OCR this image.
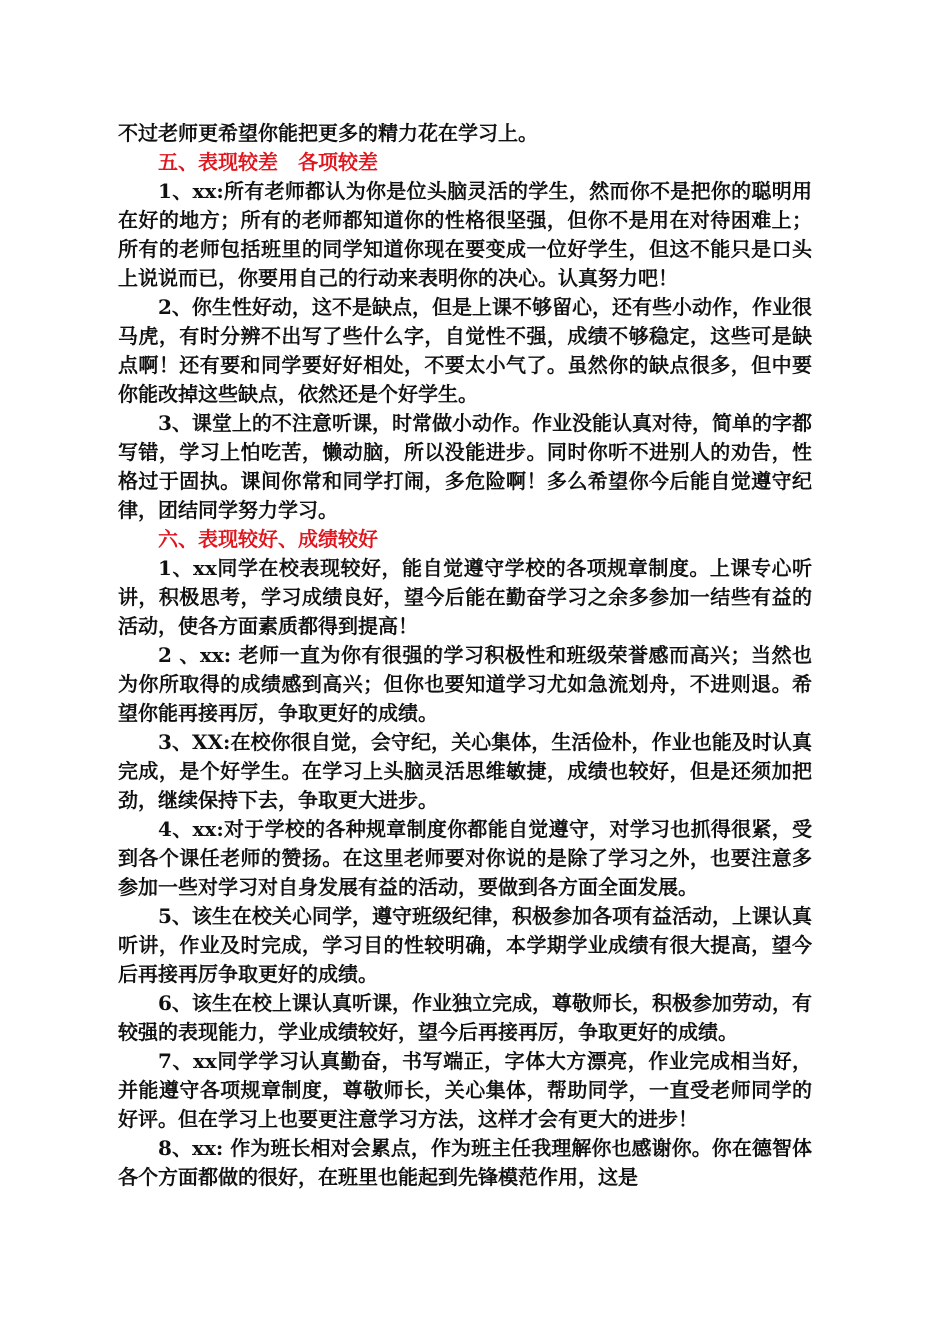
不过老师更希望你能把更多的精力花在学习上。

五、表现较差　各项较差

1、xx:所有老师都认为你是位头脑灵活的学生，然而你不是把你的聪明用在好的地方；所有的老师都知道你的性格很坚强，但你不是用在对待困难上；所有的老师包括班里的同学知道你现在要变成一位好学生，但这不能只是口头上说说而已，你要用自己的行动来表明你的决心。认真努力吧！

2、你生性好动，这不是缺点，但是上课不够留心，还有些小动作，作业很马虎，有时分辨不出写了些什么字，自觉性不强，成绩不够稳定，这些可是缺点啊！还有要和同学要好好相处，不要太小气了。虽然你的缺点很多，但中要你能改掉这些缺点，依然还是个好学生。

3、课堂上的不注意听课，时常做小动作。作业没能认真对待，简单的字都写错，学习上怕吃苦，懒动脑，所以没能进步。同时你听不进别人的劝告，性格过于固执。课间你常和同学打闹，多危险啊！多么希望你今后能自觉遵守纪律，团结同学努力学习。

六、表现较好、成绩较好

1、xx同学在校表现较好，能自觉遵守学校的各项规章制度。上课专心听讲，积极思考，学习成绩良好，望今后能在勤奋学习之余多参加一结些有益的活动，使各方面素质都得到提高！

2 、xx: 老师一直为你有很强的学习积极性和班级荣誉感而高兴；当然也为你所取得的成绩感到高兴；但你也要知道学习尤如急流划舟，不进则退。希望你能再接再厉，争取更好的成绩。

3、XX:在校你很自觉，会守纪，关心集体，生活俭朴，作业也能及时认真完成，是个好学生。在学习上头脑灵活思维敏捷，成绩也较好，但是还须加把劲，继续保持下去，争取更大进步。

4、xx:对于学校的各种规章制度你都能自觉遵守，对学习也抓得很紧，受到各个课任老师的赞扬。在这里老师要对你说的是除了学习之外，也要注意多参加一些对学习对自身发展有益的活动，要做到各方面全面发展。

5、该生在校关心同学，遵守班级纪律，积极参加各项有益活动，上课认真听讲，作业及时完成，学习目的性较明确，本学期学业成绩有很大提高，望今后再接再厉争取更好的成绩。

6、该生在校上课认真听课，作业独立完成，尊敬师长，积极参加劳动，有较强的表现能力，学业成绩较好，望今后再接再厉，争取更好的成绩。

7、xx同学学习认真勤奋，书写端正，字体大方漂亮，作业完成相当好，并能遵守各项规章制度，尊敬师长，关心集体，帮助同学，一直受老师同学的好评。但在学习上也要更注意学习方法，这样才会有更大的进步！

8、xx: 作为班长相对会累点，作为班主任我理解你也感谢你。你在德智体各个方面都做的很好，在班里也能起到先锋模范作用，这是
